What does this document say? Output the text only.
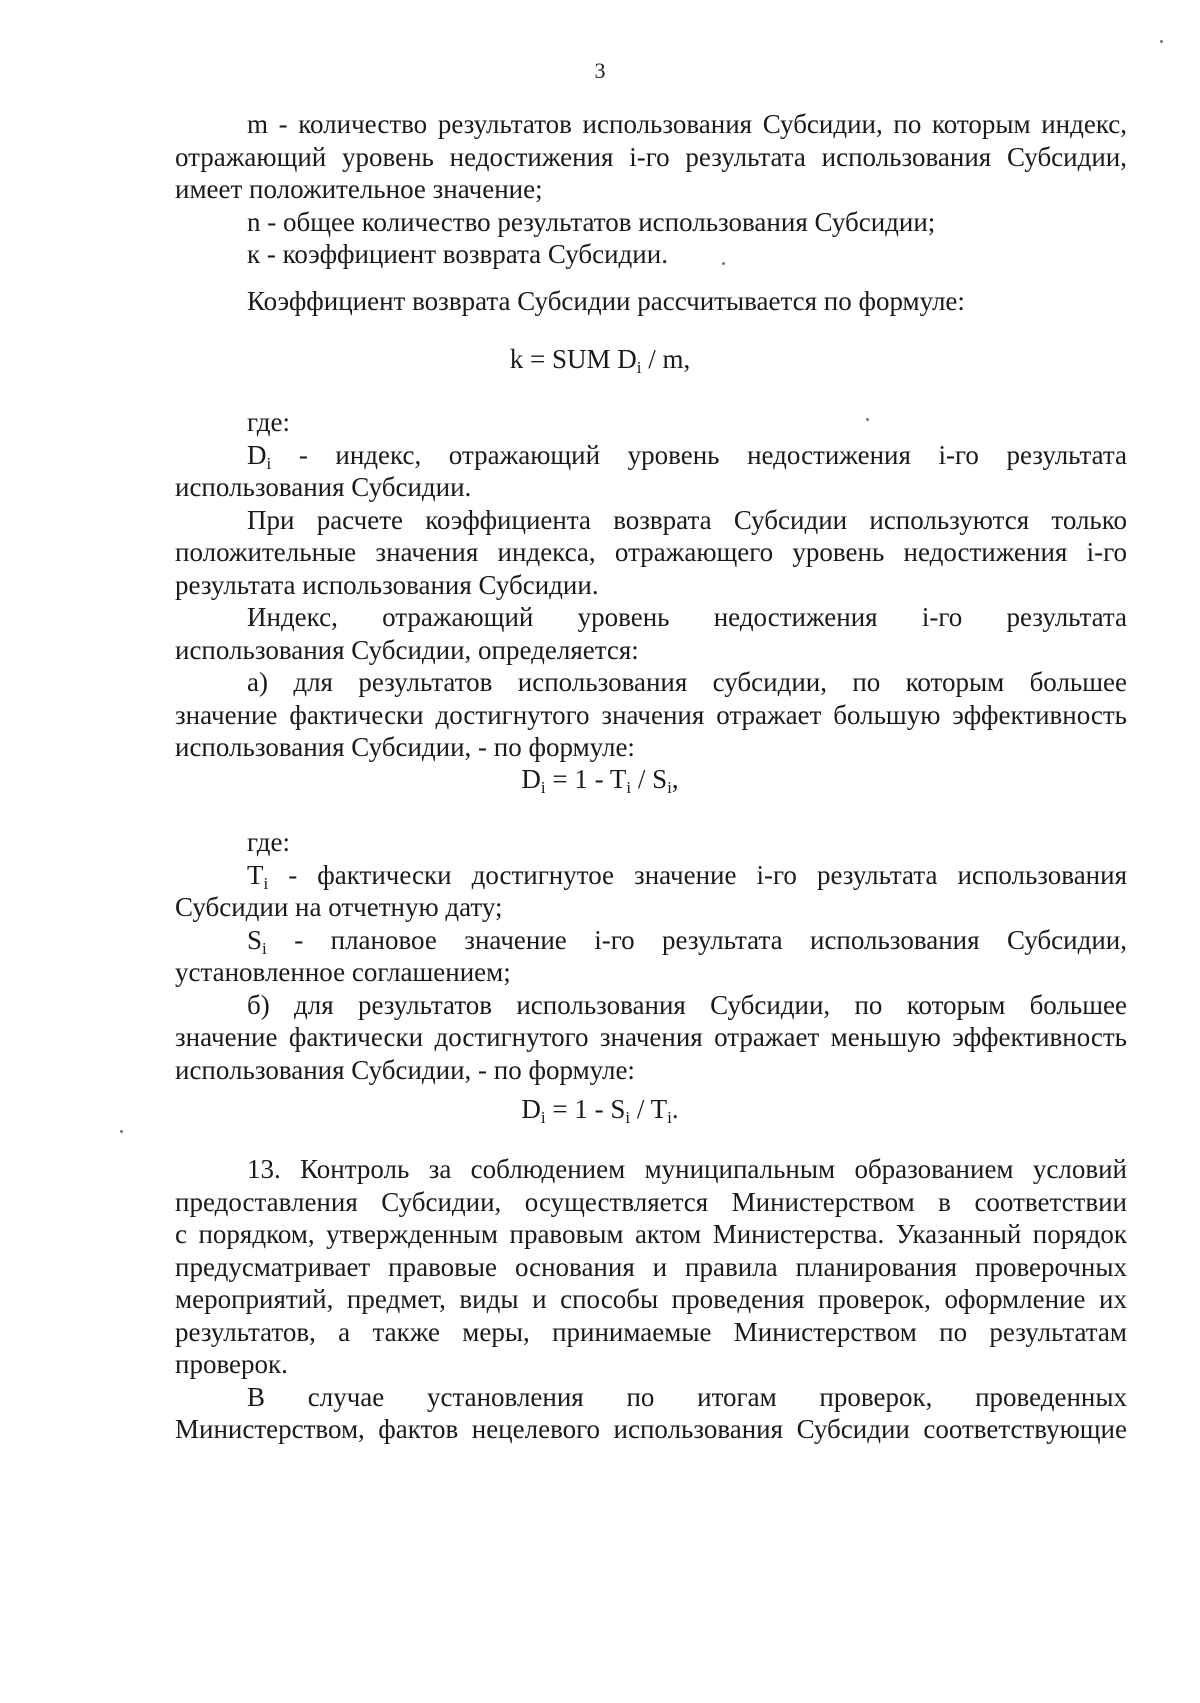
3
m - количество результатов использования Субсидии, по которым индекс,
отражающий уровень недостижения i-го результата использования Субсидии,
имеет положительное значение;
n - общее количество результатов использования Субсидии;
к - коэффициент возврата Субсидии.
Коэффициент возврата Субсидии рассчитывается по формуле:
k = SUM $D_i$ / m,
где:
$D_i$ - индекс, отражающий уровень недостижения i-го результата
использования Субсидии.
При расчете коэффициента возврата Субсидии используются только
положительные значения индекса, отражающего уровень недостижения i-го
результата использования Субсидии.
Индекс, отражающий уровень недостижения i-го результата
использования Субсидии, определяется:
а) для результатов использования субсидии, по которым большее
значение фактически достигнутого значения отражает большую эффективность
использования Субсидии, - по формуле:
$D_i = 1 - T_i / S_i$,
где:
$T_i$ - фактически достигнутое значение i-го результата использования
Субсидии на отчетную дату;
$S_i$ - плановое значение i-го результата использования Субсидии,
установленное соглашением;
б) для результатов использования Субсидии, по которым большее
значение фактически достигнутого значения отражает меньшую эффективность
использования Субсидии, - по формуле:
$D_i = 1 - S_i / T_i$.
13. Контроль за соблюдением муниципальным образованием условий
предоставления Субсидии, осуществляется Министерством в соответствии
с порядком, утвержденным правовым актом Министерства. Указанный порядок
предусматривает правовые основания и правила планирования проверочных
мероприятий, предмет, виды и способы проведения проверок, оформление их
результатов, а также меры, принимаемые Министерством по результатам
проверок.
В случае установления по итогам проверок, проведенных
Министерством, фактов нецелевого использования Субсидии соответствующие
